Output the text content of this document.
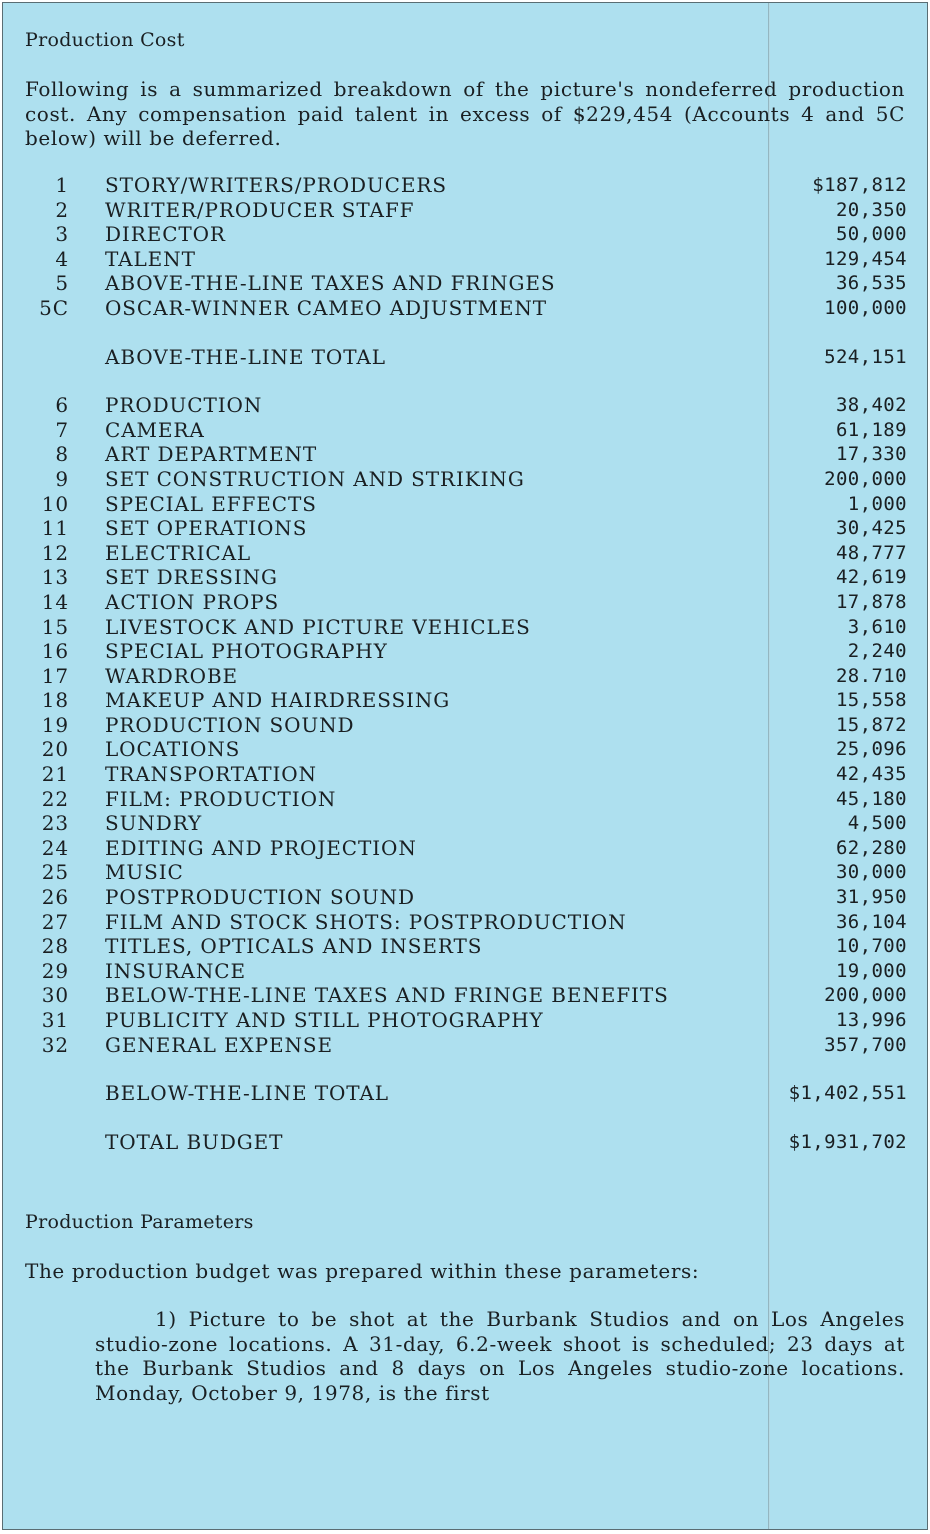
Production Cost

Following is a summarized breakdown of the picture's nondeferred production cost. Any compensation paid talent in excess of $229,454 (Accounts 4 and 5C below) will be deferred.

1 STORY/WRITERS/PRODUCERS	$187,812
2 WRITER/PRODUCER STAFF	20,350
3 DIRECTOR	50,000
4 TALENT	129,454
5 ABOVE-THE-LINE TAXES AND FRINGES	36,535
5C OSCAR-WINNER CAMEO ADJUSTMENT	100,000
ABOVE-THE-LINE TOTAL	524,151
6 PRODUCTION	38,402
7 CAMERA	61,189
8 ART DEPARTMENT	17,330
9 SET CONSTRUCTION AND STRIKING	200,000
10 SPECIAL EFFECTS	1,000
11 SET OPERATIONS	30,425
12 ELECTRICAL	48,777
13 SET DRESSING	42,619
14 ACTION PROPS	17,878
15 LIVESTOCK AND PICTURE VEHICLES	3,610
16 SPECIAL PHOTOGRAPHY	2,240
17 WARDROBE	28.710
18 MAKEUP AND HAIRDRESSING	15,558
19 PRODUCTION SOUND	15,872
20 LOCATIONS	25,096
21 TRANSPORTATION	42,435
22 FILM: PRODUCTION	45,180
23 SUNDRY	4,500
24 EDITING AND PROJECTION	62,280
25 MUSIC	30,000
26 POSTPRODUCTION SOUND	31,950
27 FILM AND STOCK SHOTS: POSTPRODUCTION	36,104
28 TITLES, OPTICALS AND INSERTS	10,700
29 INSURANCE	19,000
30 BELOW-THE-LINE TAXES AND FRINGE BENEFITS	200,000
31 PUBLICITY AND STILL PHOTOGRAPHY	13,996
32 GENERAL EXPENSE	357,700
BELOW-THE-LINE TOTAL	$1,402,551
TOTAL BUDGET	$1,931,702
Production Parameters

The production budget was prepared within these parameters:

1) Picture to be shot at the Burbank Studios and on Los Angeles studio-zone locations. A 31-day, 6.2-week shoot is scheduled; 23 days at the Burbank Studios and 8 days on Los Angeles studio-zone locations. Monday, October 9, 1978, is the first
